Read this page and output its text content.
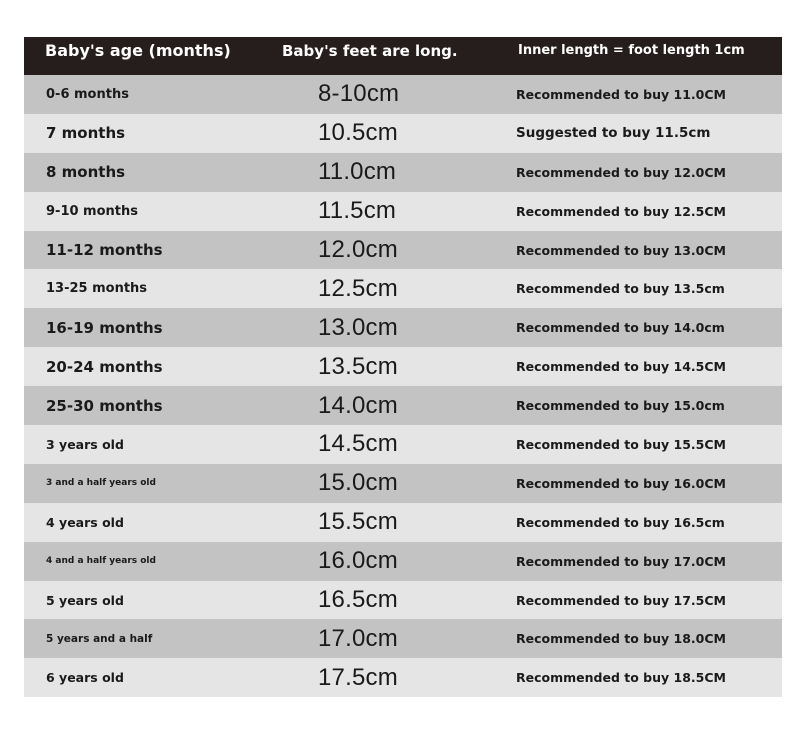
Baby's age (months)	Baby's feet are long.	Inner length = foot length 1cm
0-6 months	8-10cm	Recommended to buy 11.0CM
7 months	10.5cm	Suggested to buy 11.5cm
8 months	11.0cm	Recommended to buy 12.0CM
9-10 months	11.5cm	Recommended to buy 12.5CM
11-12 months	12.0cm	Recommended to buy 13.0CM
13-25 months	12.5cm	Recommended to buy 13.5cm
16-19 months	13.0cm	Recommended to buy 14.0cm
20-24 months	13.5cm	Recommended to buy 14.5CM
25-30 months	14.0cm	Recommended to buy 15.0cm
3 years old	14.5cm	Recommended to buy 15.5CM
3 and a half years old	15.0cm	Recommended to buy 16.0CM
4 years old	15.5cm	Recommended to buy 16.5cm
4 and a half years old	16.0cm	Recommended to buy 17.0CM
5 years old	16.5cm	Recommended to buy 17.5CM
5 years and a half	17.0cm	Recommended to buy 18.0CM
6 years old	17.5cm	Recommended to buy 18.5CM
